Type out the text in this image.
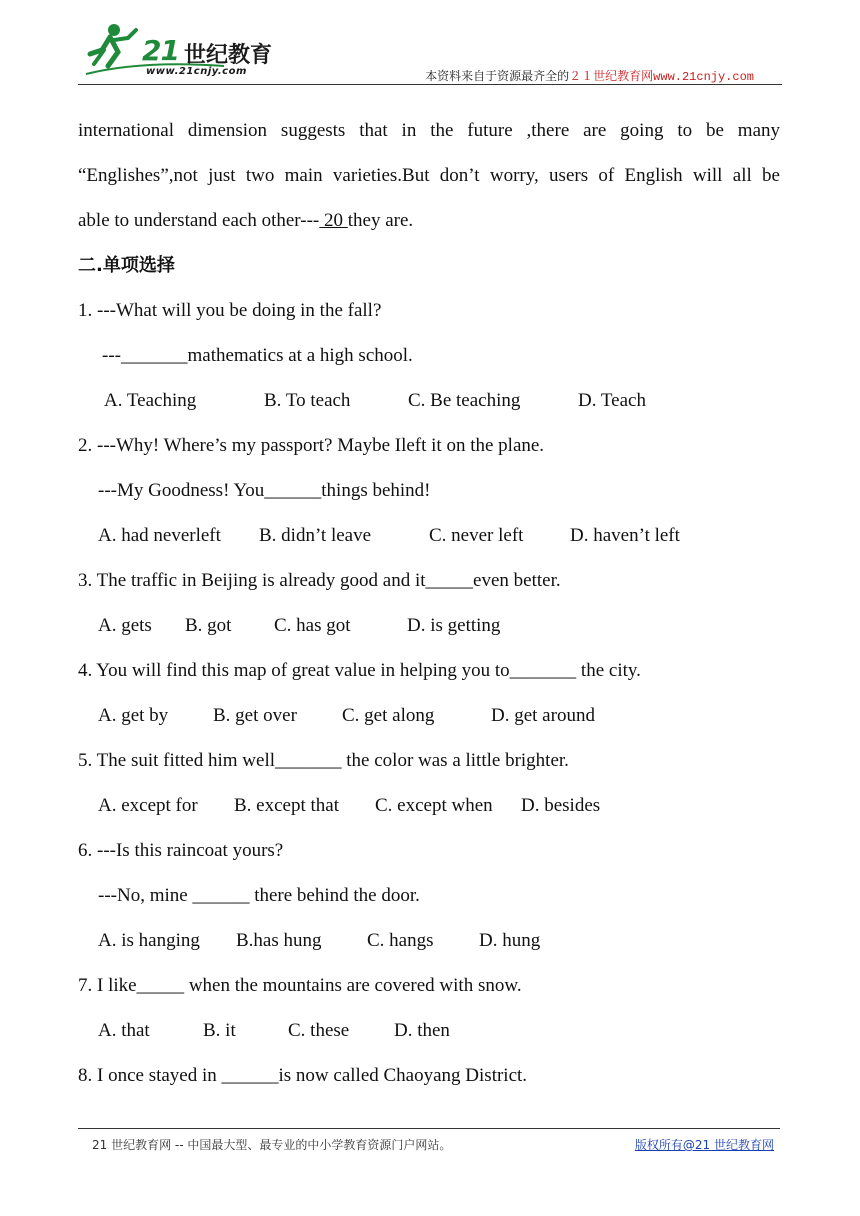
21 世纪教育
www.21cnjy.com	本资料来自于资源最齐全的２１世纪教育网www.21cnjy.com
international dimension suggests that in the future ,there are going to be many
“Englishes”,not just two main varieties.But don’t worry, users of English will all be
able to understand each other--- 20 they are.
二.单项选择
1. ---What will you be doing in the fall?
---_______mathematics at a high school.
A. Teaching	B. To teach	C. Be teaching	D. Teach
2. ---Why! Where’s my passport? Maybe Ileft it on the plane.
---My Goodness! You______things behind!
A. had neverleft B. didn’t leave	C. never left D. haven’t left
3. The traffic in Beijing is already good and it_____even better.
A. gets B. got C. has got	D. is getting
4. You will find this map of great value in helping you to_______ the city.
A. get by B. get over C. get along	D. get around
5. The suit fitted him well_______ the color was a little brighter.
A. except for B. except that C. except when D. besides
6. ---Is this raincoat yours?
---No, mine ______ there behind the door.
A. is hanging B.has hung C. hangs D. hung
7. I like_____ when the mountains are covered with snow.
A. that	B. it	C. these D. then
8. I once stayed in ______is now called Chaoyang District.
21 世纪教育网 -- 中国最大型、最专业的中小学教育资源门户网站。	版权所有@21 世纪教育网
